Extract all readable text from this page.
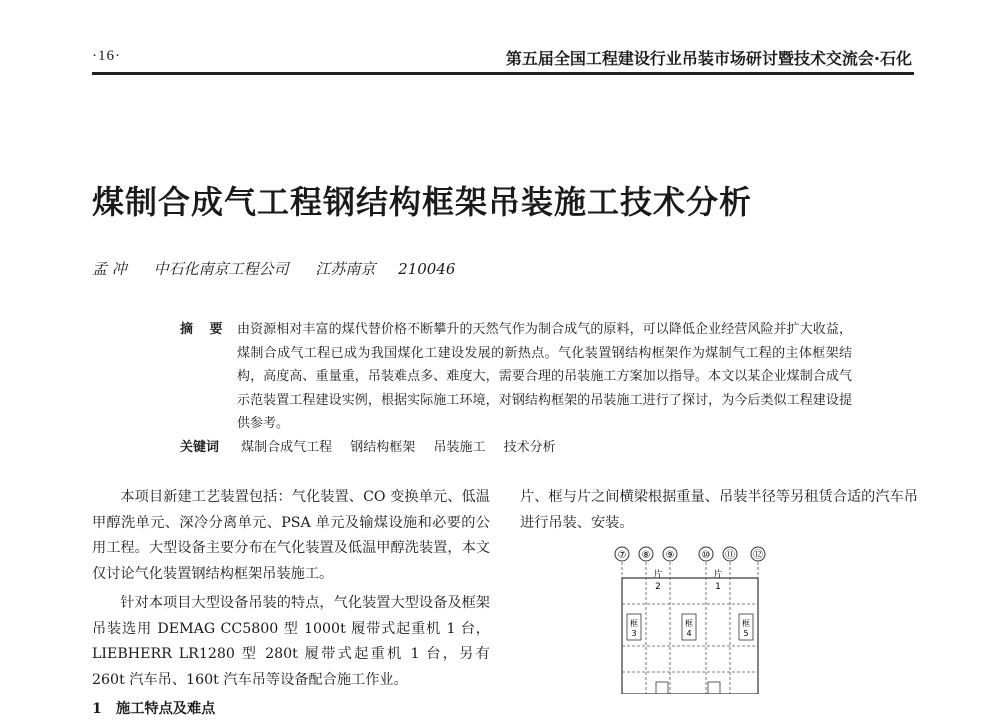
·16·	第五届全国工程建设行业吊装市场研讨暨技术交流会·石化
煤制合成气工程钢结构框架吊装施工技术分析
孟 冲 中石化南京工程公司 江苏南京 210046
摘 要 由资源相对丰富的煤代替价格不断攀升的天然气作为制合成气的原料，可以降低企业经营风险并扩大收益，煤制合成气工程已成为我国煤化工建设发展的新热点。气化装置钢结构框架作为煤制气工程的主体框架结构，高度高、重量重，吊装难点多、难度大，需要合理的吊装施工方案加以指导。本文以某企业煤制合成气示范装置工程建设实例，根据实际施工环境，对钢结构框架的吊装施工进行了探讨，为今后类似工程建设提供参考。
关键词 煤制合成气工程 钢结构框架 吊装施工 技术分析

本项目新建工艺装置包括：气化装置、CO 变换单元、低温甲醇洗单元、深冷分离单元、PSA 单元及输煤设施和必要的公用工程。大型设备主要分布在气化装置及低温甲醇洗装置，本文仅讨论气化装置钢结构框架吊装施工。

针对本项目大型设备吊装的特点，气化装置大型设备及框架吊装选用 DEMAG CC5800 型 1000t 履带式起重机 1 台，LIEBHERR LR1280 型 280t 履带式起重机 1 台，另有 260t 汽车吊、160t 汽车吊等设备配合施工作业。

1　施工特点及难点

片、框与片之间横梁根据重量、吊装半径等另租赁合适的汽车吊进行吊装、安装。

⑦ ⑧ ⑨	⑩ ⑪ ⑫
片
2
片
1
框
3
框
4
框
5
